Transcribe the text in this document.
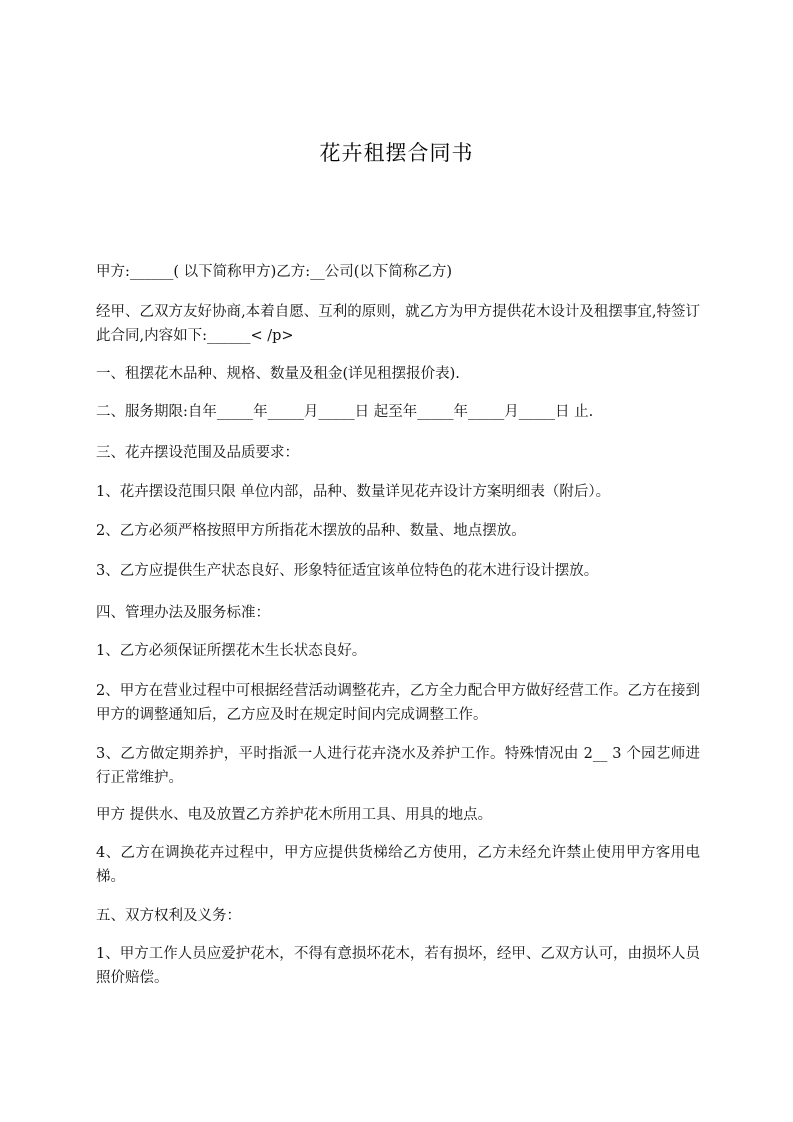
花卉租摆合同书
甲方:______( 以下简称甲方)乙方:__公司(以下简称乙方)
经甲、乙双方友好协商,本着自愿、互利的原则，就乙方为甲方提供花木设计及租摆事宜,特签订此合同,内容如下:______< /p>
一、租摆花木品种、规格、数量及租金(详见租摆报价表).
二、服务期限:自年_____年_____月_____日 起至年_____年_____月_____日 止.
三、花卉摆设范围及品质要求：
1、花卉摆设范围只限 单位内部，品种、数量详见花卉设计方案明细表（附后）。
2、乙方必须严格按照甲方所指花木摆放的品种、数量、地点摆放。
3、乙方应提供生产状态良好、形象特征适宜该单位特色的花木进行设计摆放。
四、管理办法及服务标准：
1、乙方必须保证所摆花木生长状态良好。
2、甲方在营业过程中可根据经营活动调整花卉，乙方全力配合甲方做好经营工作。乙方在接到甲方的调整通知后，乙方应及时在规定时间内完成调整工作。
3、乙方做定期养护，平时指派一人进行花卉浇水及养护工作。特殊情况由 2__ 3 个园艺师进行正常维护。
甲方 提供水、电及放置乙方养护花木所用工具、用具的地点。
4、乙方在调换花卉过程中，甲方应提供货梯给乙方使用，乙方未经允许禁止使用甲方客用电梯。
五、双方权利及义务：
1、甲方工作人员应爱护花木，不得有意损坏花木，若有损坏，经甲、乙双方认可，由损坏人员照价赔偿。
